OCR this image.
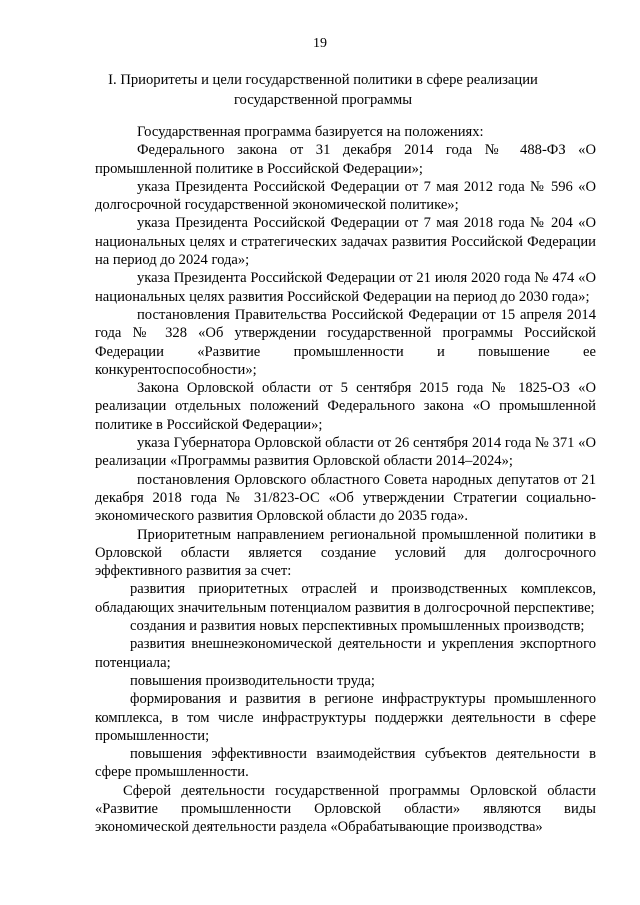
19
I. Приоритеты и цели государственной политики в сфере реализации государственной программы

Государственная программа базируется на положениях:

Федерального закона от 31 декабря 2014 года № 488-ФЗ «О промышленной политике в Российской Федерации»;

указа Президента Российской Федерации от 7 мая 2012 года № 596 «О долгосрочной государственной экономической политике»;

указа Президента Российской Федерации от 7 мая 2018 года № 204 «О национальных целях и стратегических задачах развития Российской Федерации на период до 2024 года»;

указа Президента Российской Федерации от 21 июля 2020 года № 474 «О национальных целях развития Российской Федерации на период до 2030 года»;

постановления Правительства Российской Федерации от 15 апреля 2014 года № 328 «Об утверждении государственной программы Российской Федерации «Развитие промышленности и повышение ее конкурентоспособности»;

Закона Орловской области от 5 сентября 2015 года № 1825-ОЗ «О реализации отдельных положений Федерального закона «О промышленной политике в Российской Федерации»;

указа Губернатора Орловской области от 26 сентября 2014 года № 371 «О реализации «Программы развития Орловской области 2014–2024»;

постановления Орловского областного Совета народных депутатов от 21 декабря 2018 года № 31/823-ОС «Об утверждении Стратегии социально-экономического развития Орловской области до 2035 года».

Приоритетным направлением региональной промышленной политики в Орловской области является создание условий для долгосрочного эффективного развития за счет:

развития приоритетных отраслей и производственных комплексов, обладающих значительным потенциалом развития в долгосрочной перспективе;

создания и развития новых перспективных промышленных производств;

развития внешнеэкономической деятельности и укрепления экспортного потенциала;

повышения производительности труда;

формирования и развития в регионе инфраструктуры промышленного комплекса, в том числе инфраструктуры поддержки деятельности в сфере промышленности;

повышения эффективности взаимодействия субъектов деятельности в сфере промышленности.

Сферой деятельности государственной программы Орловской области «Развитие промышленности Орловской области» являются виды экономической деятельности раздела «Обрабатывающие производства»
